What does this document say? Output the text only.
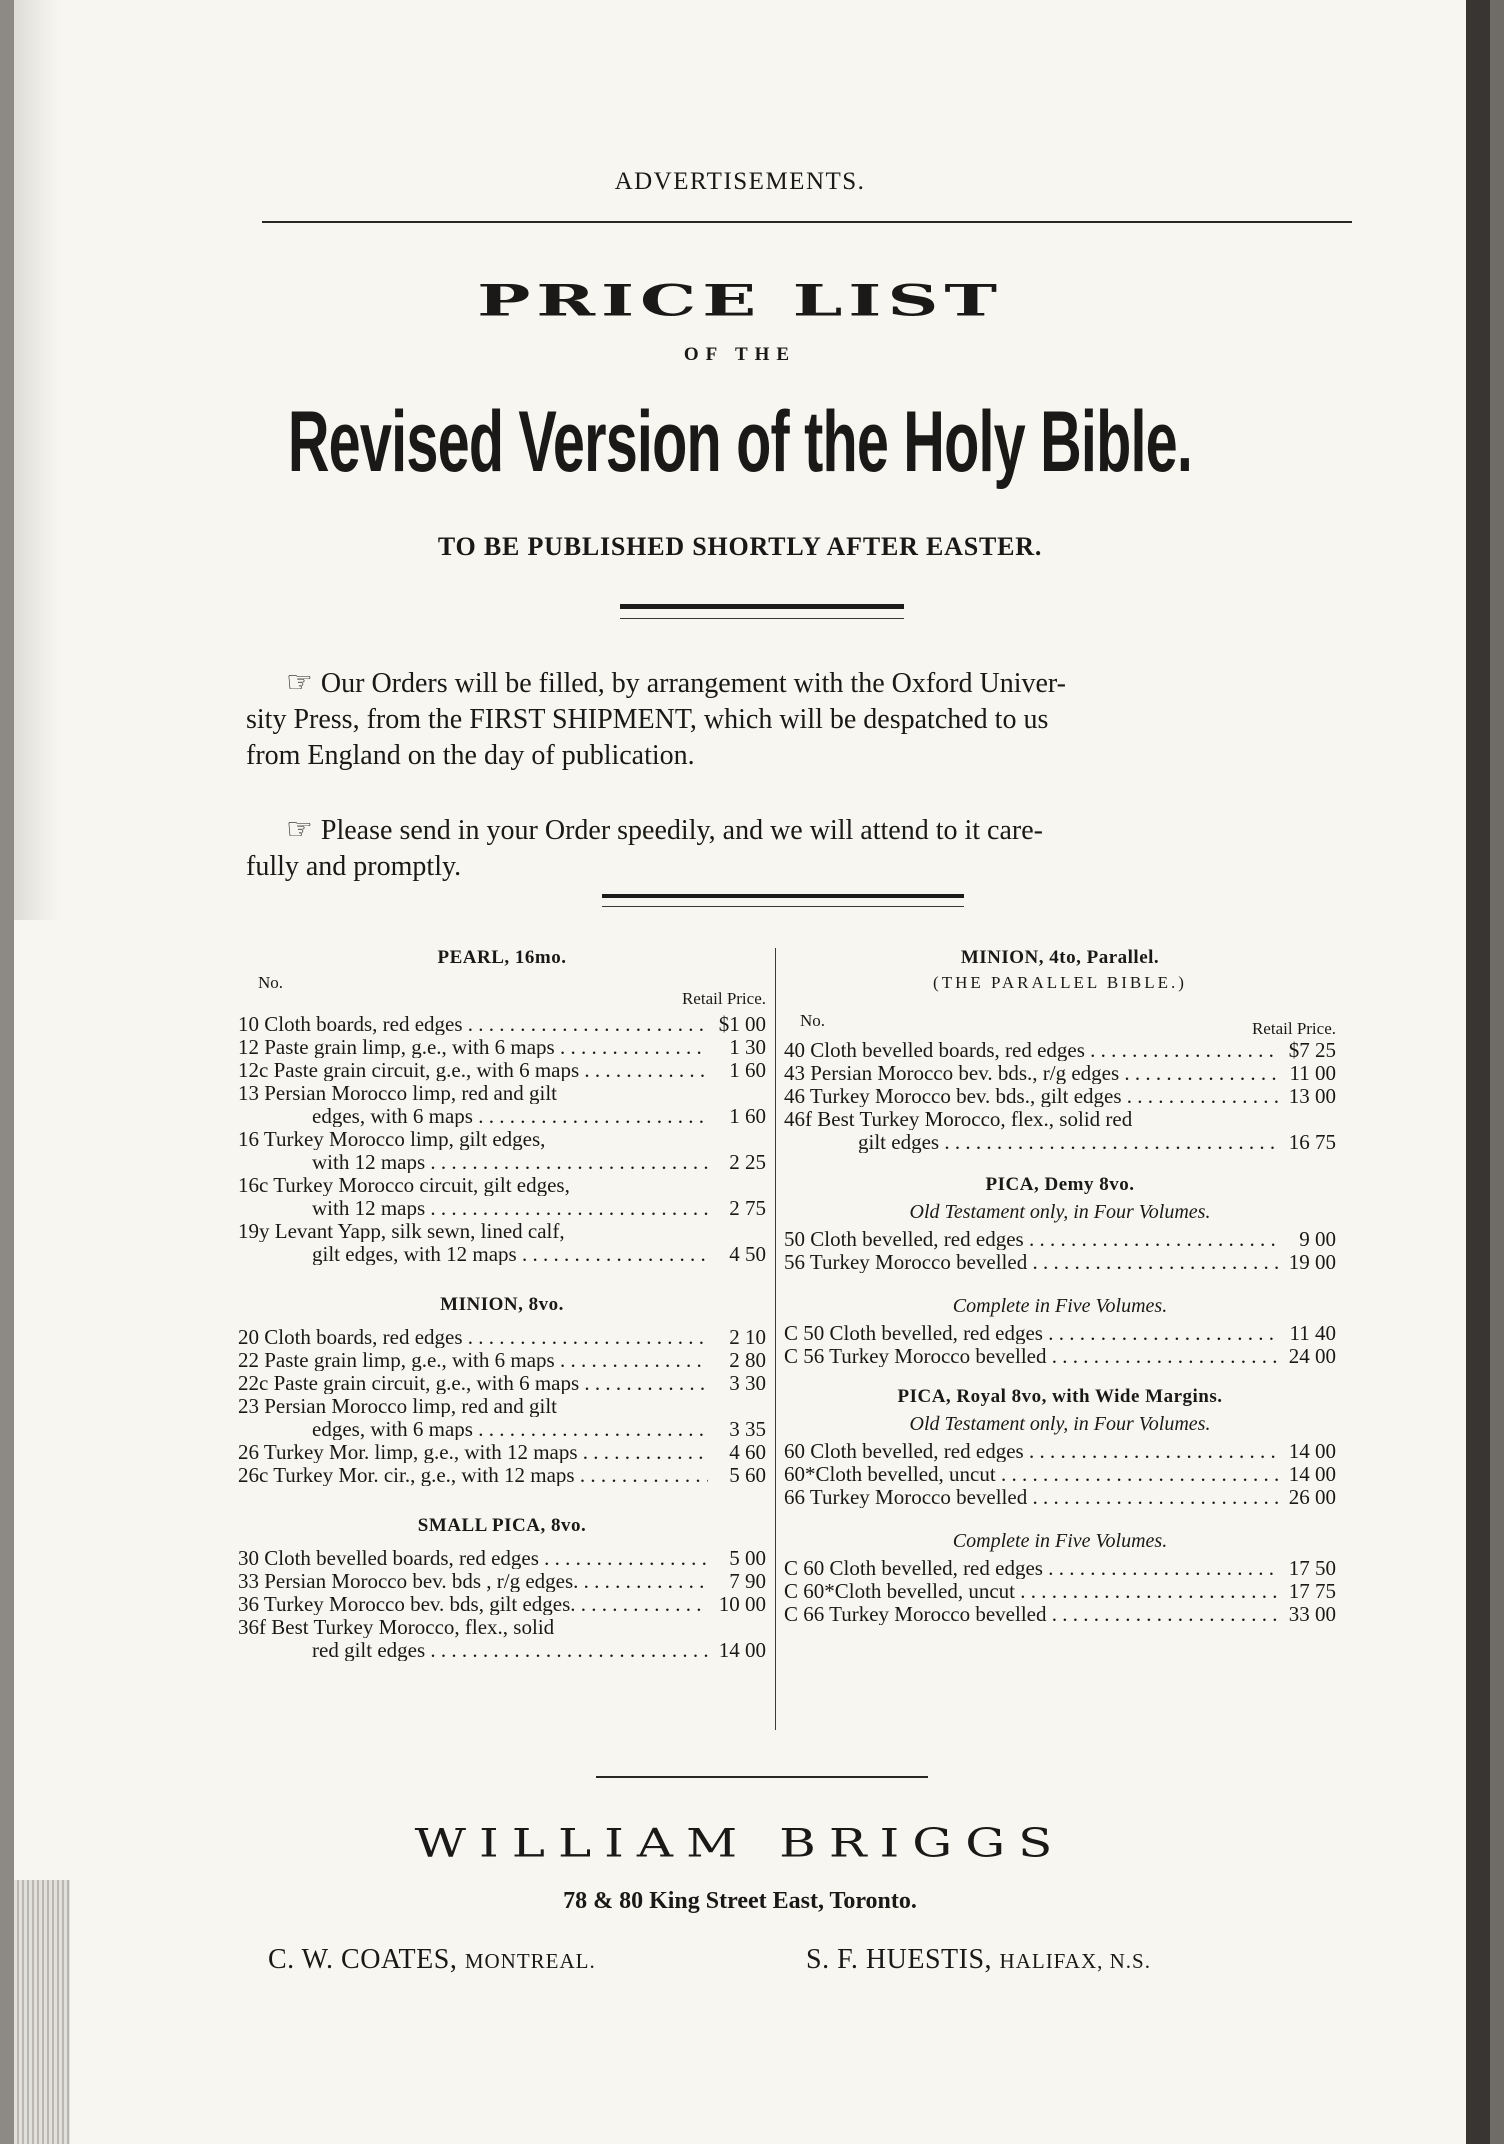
ADVERTISEMENTS.
PRICE LIST
OF THE
Revised Version of the Holy Bible.
TO BE PUBLISHED SHORTLY AFTER EASTER.
☞ Our Orders will be filled, by arrangement with the Oxford Univer-
sity Press, from the FIRST SHIPMENT, which will be despatched to us
from England on the day of publication.
☞ Please send in your Order speedily, and we will attend to it care-
fully and promptly.
PEARL, 16mo.
No.
Retail Price.
10 Cloth boards, red edges . . .	$1 00
12 Paste grain limp, g.e., with 6 maps . . .	1 30
12c Paste grain circuit, g.e., with 6 maps . . .	1 60
13 Persian Morocco limp, red and gilt
edges, with 6 maps . . .	1 60
16 Turkey Morocco limp, gilt edges,
with 12 maps . . .	2 25
16c Turkey Morocco circuit, gilt edges,
with 12 maps . . .	2 75
19y Levant Yapp, silk sewn, lined calf,
gilt edges, with 12 maps . . .	4 50
MINION, 8vo.
20 Cloth boards, red edges . . .	2 10
22 Paste grain limp, g.e., with 6 maps . . .	2 80
22c Paste grain circuit, g.e., with 6 maps . . .	3 30
23 Persian Morocco limp, red and gilt
edges, with 6 maps . . .	3 35
26 Turkey Mor. limp, g.e., with 12 maps . . .	4 60
26c Turkey Mor. cir., g.e., with 12 maps . . .	5 60
SMALL PICA, 8vo.
30 Cloth bevelled boards, red edges . . .	5 00
33 Persian Morocco bev. bds , r/g edges. . . .	7 90
36 Turkey Morocco bev. bds, gilt edges. . . .	10 00
36f Best Turkey Morocco, flex., solid
red gilt edges . . .	14 00
MINION, 4to, Parallel.
(THE PARALLEL BIBLE.)
No.	Retail Price.
40 Cloth bevelled boards, red edges . . .	$7 25
43 Persian Morocco bev. bds., r/g edges . . .	11 00
46 Turkey Morocco bev. bds., gilt edges . . .	13 00
46f Best Turkey Morocco, flex., solid red
gilt edges . . .	16 75
PICA, Demy 8vo.
Old Testament only, in Four Volumes.
50 Cloth bevelled, red edges . . .	9 00
56 Turkey Morocco bevelled . . .	19 00
Complete in Five Volumes.
C 50 Cloth bevelled, red edges . . .	11 40
C 56 Turkey Morocco bevelled . . .	24 00
PICA, Royal 8vo, with Wide Margins.
Old Testament only, in Four Volumes.
60 Cloth bevelled, red edges . . .	14 00
60*Cloth bevelled, uncut . . .	14 00
66 Turkey Morocco bevelled . . .	26 00
Complete in Five Volumes.
C 60 Cloth bevelled, red edges . . .	17 50
C 60*Cloth bevelled, uncut . . .	17 75
C 66 Turkey Morocco bevelled . . .	33 00
WILLIAM BRIGGS
78 & 80 King Street East, Toronto.
C. W. COATES, MONTREAL.	S. F. HUESTIS, HALIFAX, N.S.
